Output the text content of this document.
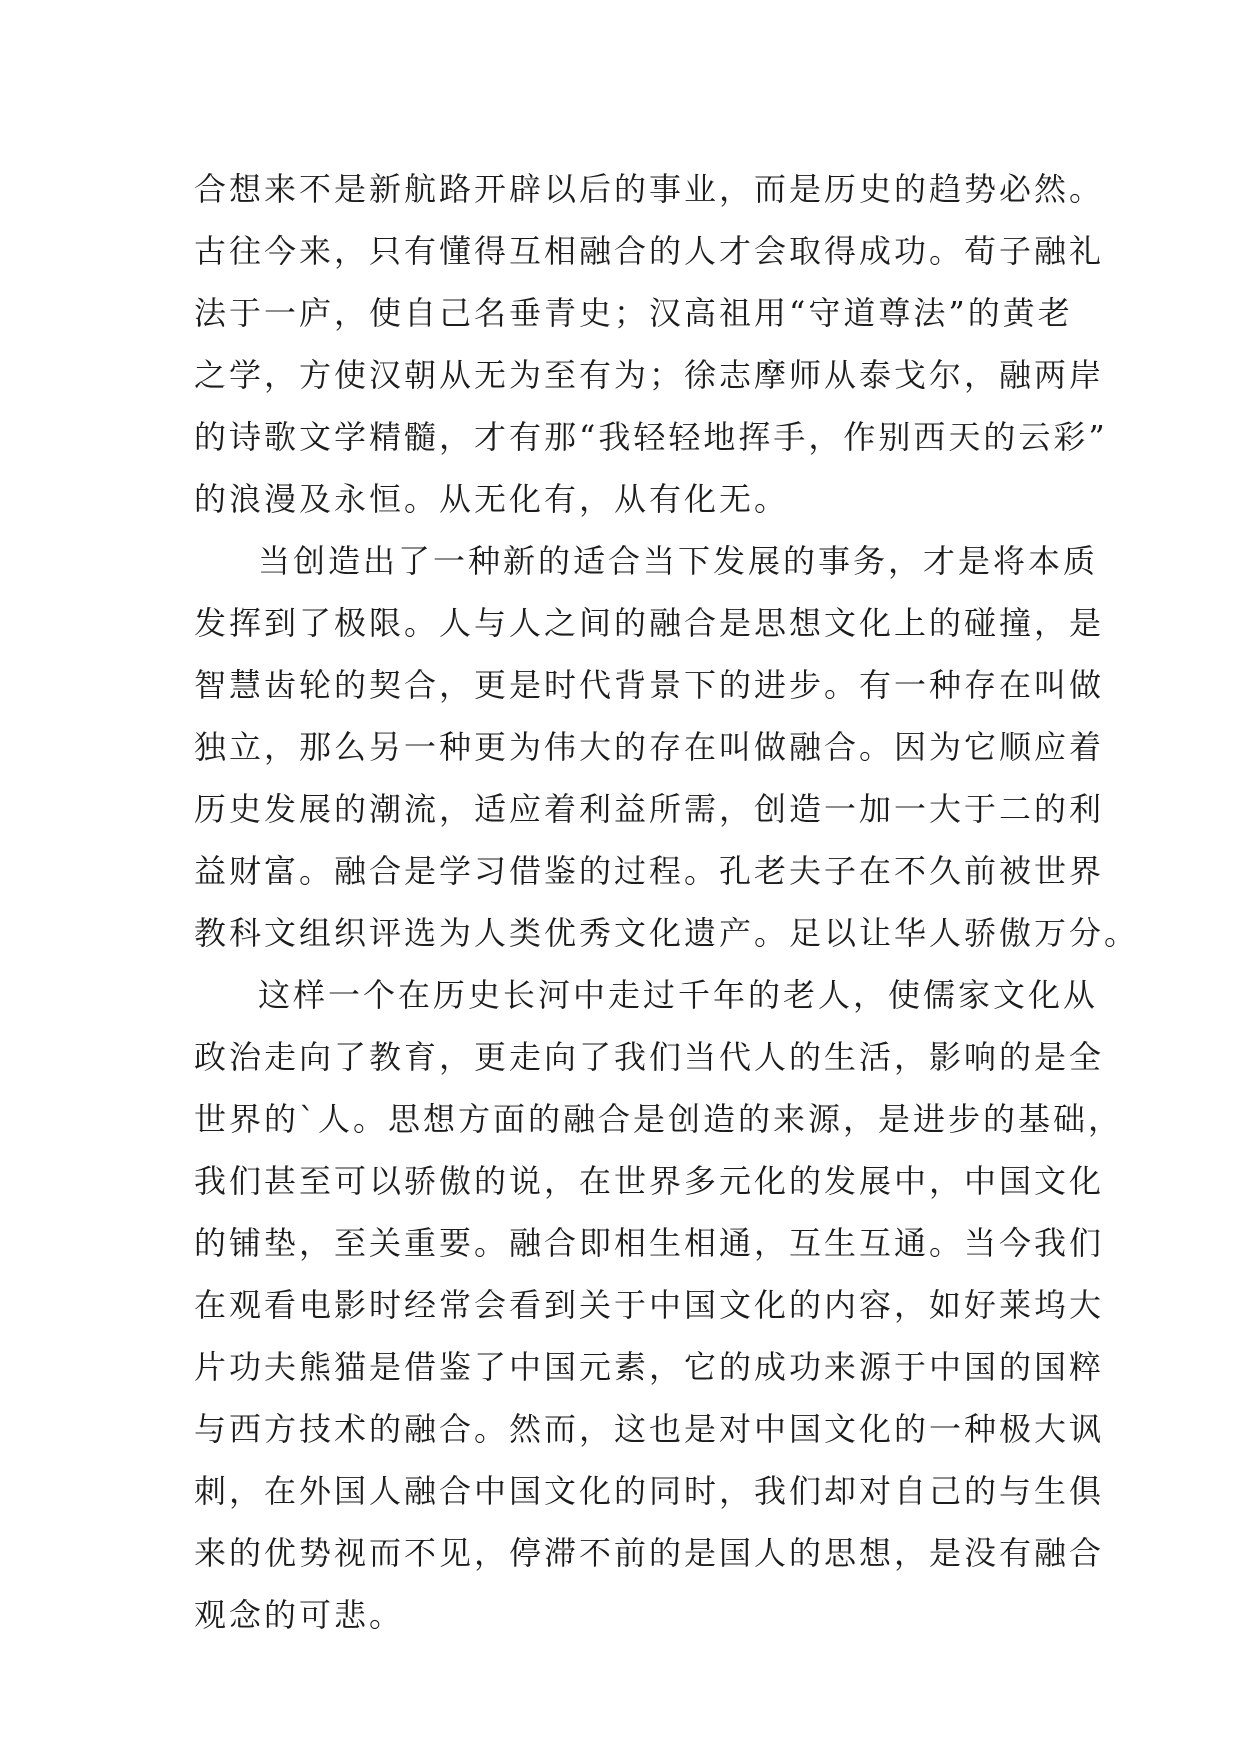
合想来不是新航路开辟以后的事业，而是历史的趋势必然。
古往今来，只有懂得互相融合的人才会取得成功。荀子融礼
法于一庐，使自己名垂青史；汉高祖用“守道尊法”的黄老
之学，方使汉朝从无为至有为；徐志摩师从泰戈尔，融两岸
的诗歌文学精髓，才有那“我轻轻地挥手，作别西天的云彩”
的浪漫及永恒。从无化有，从有化无。
当创造出了一种新的适合当下发展的事务，才是将本质
发挥到了极限。人与人之间的融合是思想文化上的碰撞，是
智慧齿轮的契合，更是时代背景下的进步。有一种存在叫做
独立，那么另一种更为伟大的存在叫做融合。因为它顺应着
历史发展的潮流，适应着利益所需，创造一加一大于二的利
益财富。融合是学习借鉴的过程。孔老夫子在不久前被世界
教科文组织评选为人类优秀文化遗产。足以让华人骄傲万分。
这样一个在历史长河中走过千年的老人，使儒家文化从
政治走向了教育，更走向了我们当代人的生活，影响的是全
世界的`人。思想方面的融合是创造的来源，是进步的基础，
我们甚至可以骄傲的说，在世界多元化的发展中，中国文化
的铺垫，至关重要。融合即相生相通，互生互通。当今我们
在观看电影时经常会看到关于中国文化的内容，如好莱坞大
片功夫熊猫是借鉴了中国元素，它的成功来源于中国的国粹
与西方技术的融合。然而，这也是对中国文化的一种极大讽
刺，在外国人融合中国文化的同时，我们却对自己的与生俱
来的优势视而不见，停滞不前的是国人的思想，是没有融合
观念的可悲。
